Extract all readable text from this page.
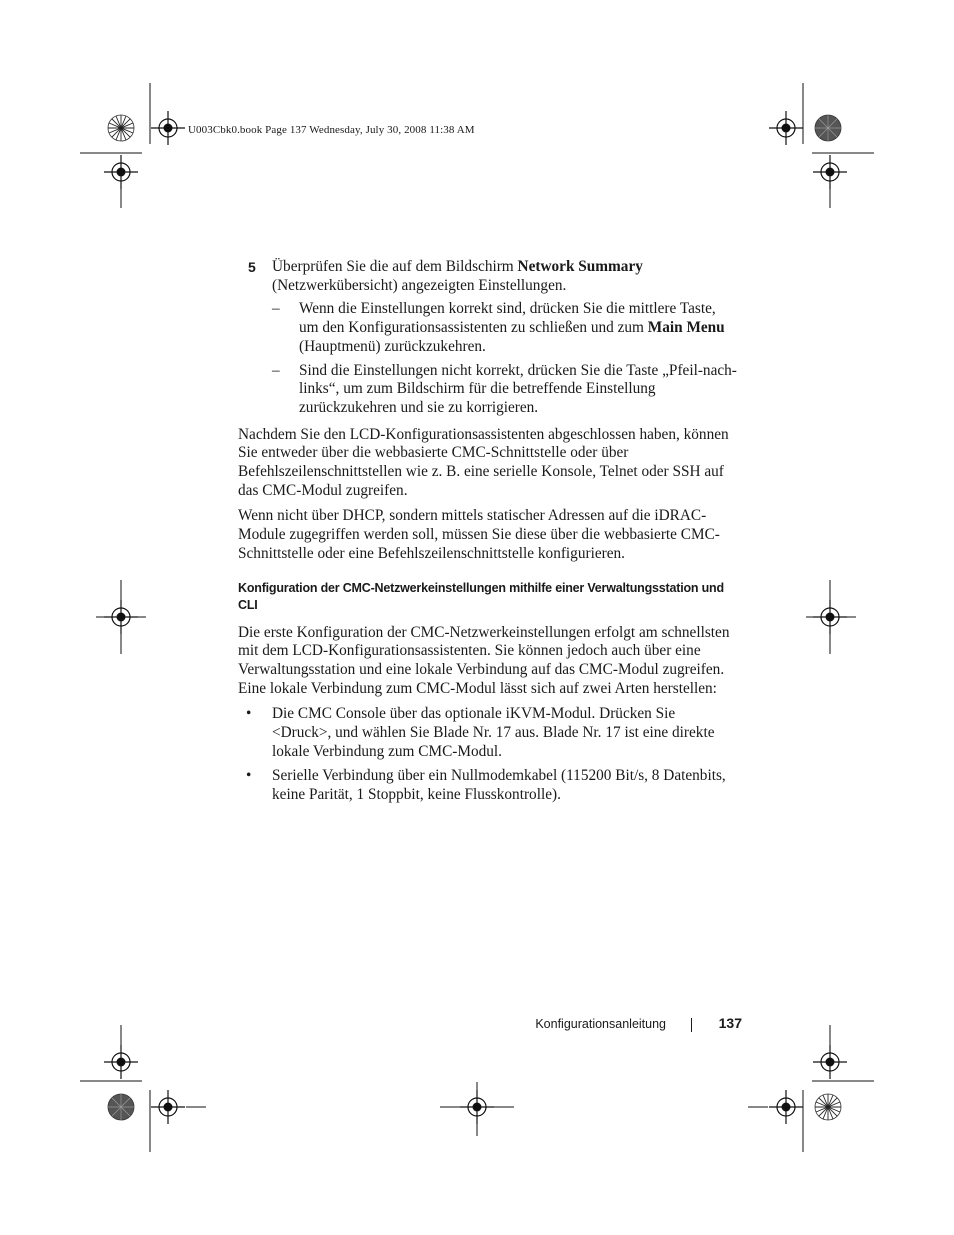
U003Cbk0.book Page 137 Wednesday, July 30, 2008 11:38 AM
5 Überprüfen Sie die auf dem Bildschirm Network Summary (Netzwerkübersicht) angezeigten Einstellungen.
– Wenn die Einstellungen korrekt sind, drücken Sie die mittlere Taste, um den Konfigurationsassistenten zu schließen und zum Main Menu (Hauptmenü) zurückzukehren.
– Sind die Einstellungen nicht korrekt, drücken Sie die Taste „Pfeil-nach-links“, um zum Bildschirm für die betreffende Einstellung zurückzukehren und sie zu korrigieren.

Nachdem Sie den LCD-Konfigurationsassistenten abgeschlossen haben, können Sie entweder über die webbasierte CMC-Schnittstelle oder über Befehlszeilenschnittstellen wie z. B. eine serielle Konsole, Telnet oder SSH auf das CMC-Modul zugreifen.

Wenn nicht über DHCP, sondern mittels statischer Adressen auf die iDRAC-Module zugegriffen werden soll, müssen Sie diese über die webbasierte CMC-Schnittstelle oder eine Befehlszeilenschnittstelle konfigurieren.

Konfiguration der CMC-Netzwerkeinstellungen mithilfe einer Verwaltungsstation und CLI

Die erste Konfiguration der CMC-Netzwerkeinstellungen erfolgt am schnellsten mit dem LCD-Konfigurationsassistenten. Sie können jedoch auch über eine Verwaltungsstation und eine lokale Verbindung auf das CMC-Modul zugreifen. Eine lokale Verbindung zum CMC-Modul lässt sich auf zwei Arten herstellen:

• Die CMC Console über das optionale iKVM-Modul. Drücken Sie <Druck>, und wählen Sie Blade Nr. 17 aus. Blade Nr. 17 ist eine direkte lokale Verbindung zum CMC-Modul.
• Serielle Verbindung über ein Nullmodemkabel (115200 Bit/s, 8 Datenbits, keine Parität, 1 Stoppbit, keine Flusskontrolle).
Konfigurationsanleitung	137
